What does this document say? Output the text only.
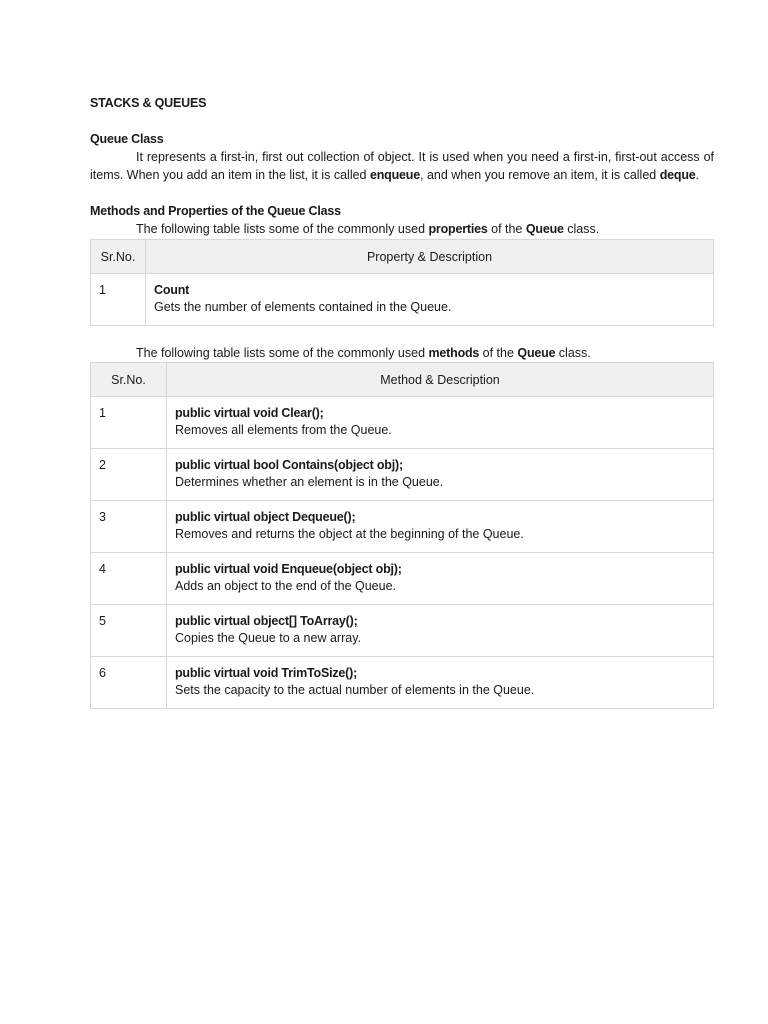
STACKS & QUEUES
Queue Class

It represents a first-in, first out collection of object. It is used when you need a first-in, first-out access of items. When you add an item in the list, it is called enqueue, and when you remove an item, it is called deque.

Methods and Properties of the Queue Class

The following table lists some of the commonly used properties of the Queue class.

Sr.No.	Property & Description
1	Count
Gets the number of elements contained in the Queue.

The following table lists some of the commonly used methods of the Queue class.

Sr.No.	Method & Description
1	public virtual void Clear();
Removes all elements from the Queue.

2	public virtual bool Contains(object obj);
Determines whether an element is in the Queue.

3	public virtual object Dequeue();
Removes and returns the object at the beginning of the Queue.

4	public virtual void Enqueue(object obj);
Adds an object to the end of the Queue.

5	public virtual object[] ToArray();
Copies the Queue to a new array.

6	public virtual void TrimToSize();
Sets the capacity to the actual number of elements in the Queue.
